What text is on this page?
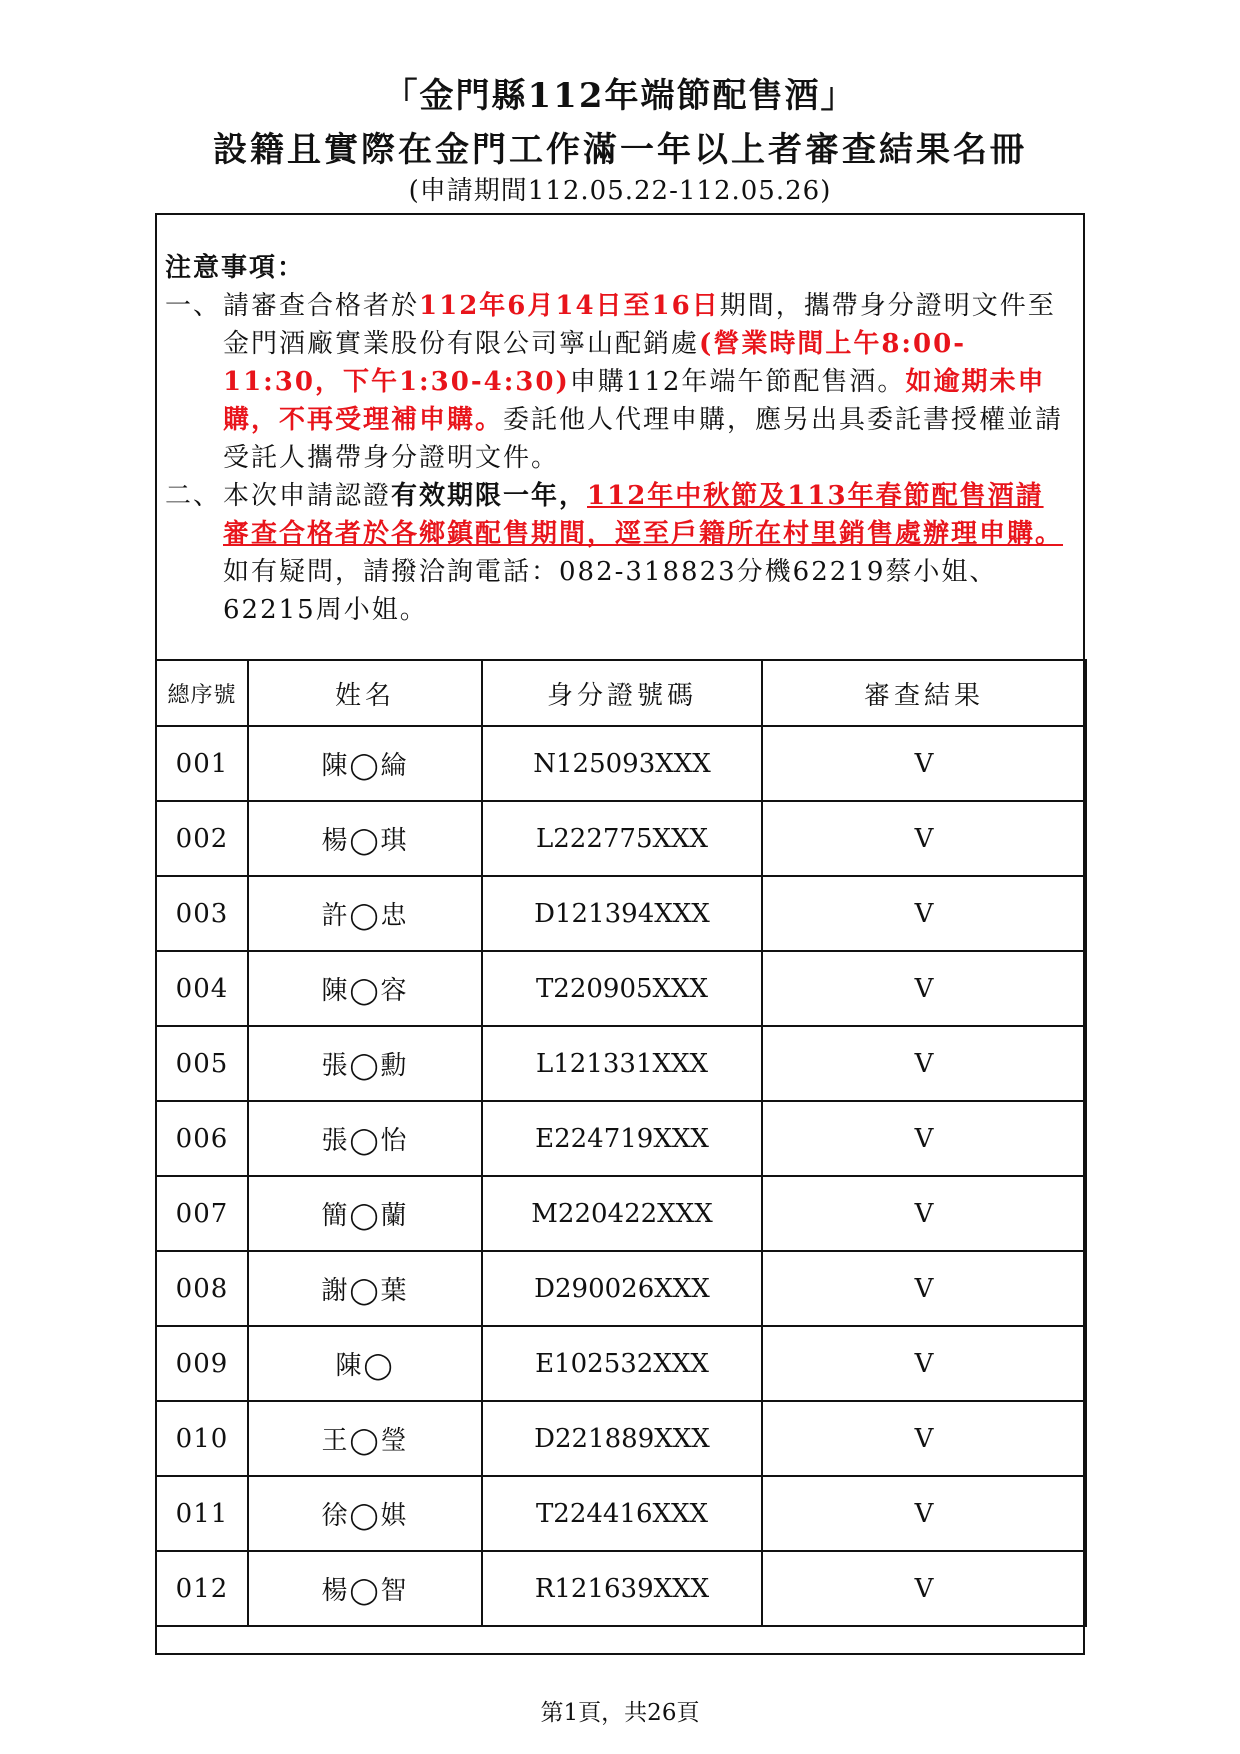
「金門縣112年端節配售酒」
設籍且實際在金門工作滿一年以上者審查結果名冊
(申請期間112.05.22-112.05.26)
注意事項：
一、 請審查合格者於112年6月14日至16日期間，攜帶身分證明文件至金門酒廠實業股份有限公司寧山配銷處(營業時間上午8:00-11:30，下午1:30-4:30)申購112年端午節配售酒。如逾期未申購，不再受理補申購。委託他人代理申購，應另出具委託書授權並請受託人攜帶身分證明文件。
二、 本次申請認證有效期限一年，112年中秋節及113年春節配售酒請審查合格者於各鄉鎮配售期間，逕至戶籍所在村里銷售處辦理申購。如有疑問，請撥洽詢電話：082-318823分機62219蔡小姐、62215周小姐。
總序號	姓名	身分證號碼	審查結果
001	陳◯綸	N125093XXX	V
002	楊◯琪	L222775XXX	V
003	許◯忠	D121394XXX	V
004	陳◯容	T220905XXX	V
005	張◯勳	L121331XXX	V
006	張◯怡	E224719XXX	V
007	簡◯蘭	M220422XXX	V
008	謝◯葉	D290026XXX	V
009	陳◯	E102532XXX	V
010	王◯瑩	D221889XXX	V
011	徐◯娸	T224416XXX	V
012	楊◯智	R121639XXX	V
第1頁，共26頁
